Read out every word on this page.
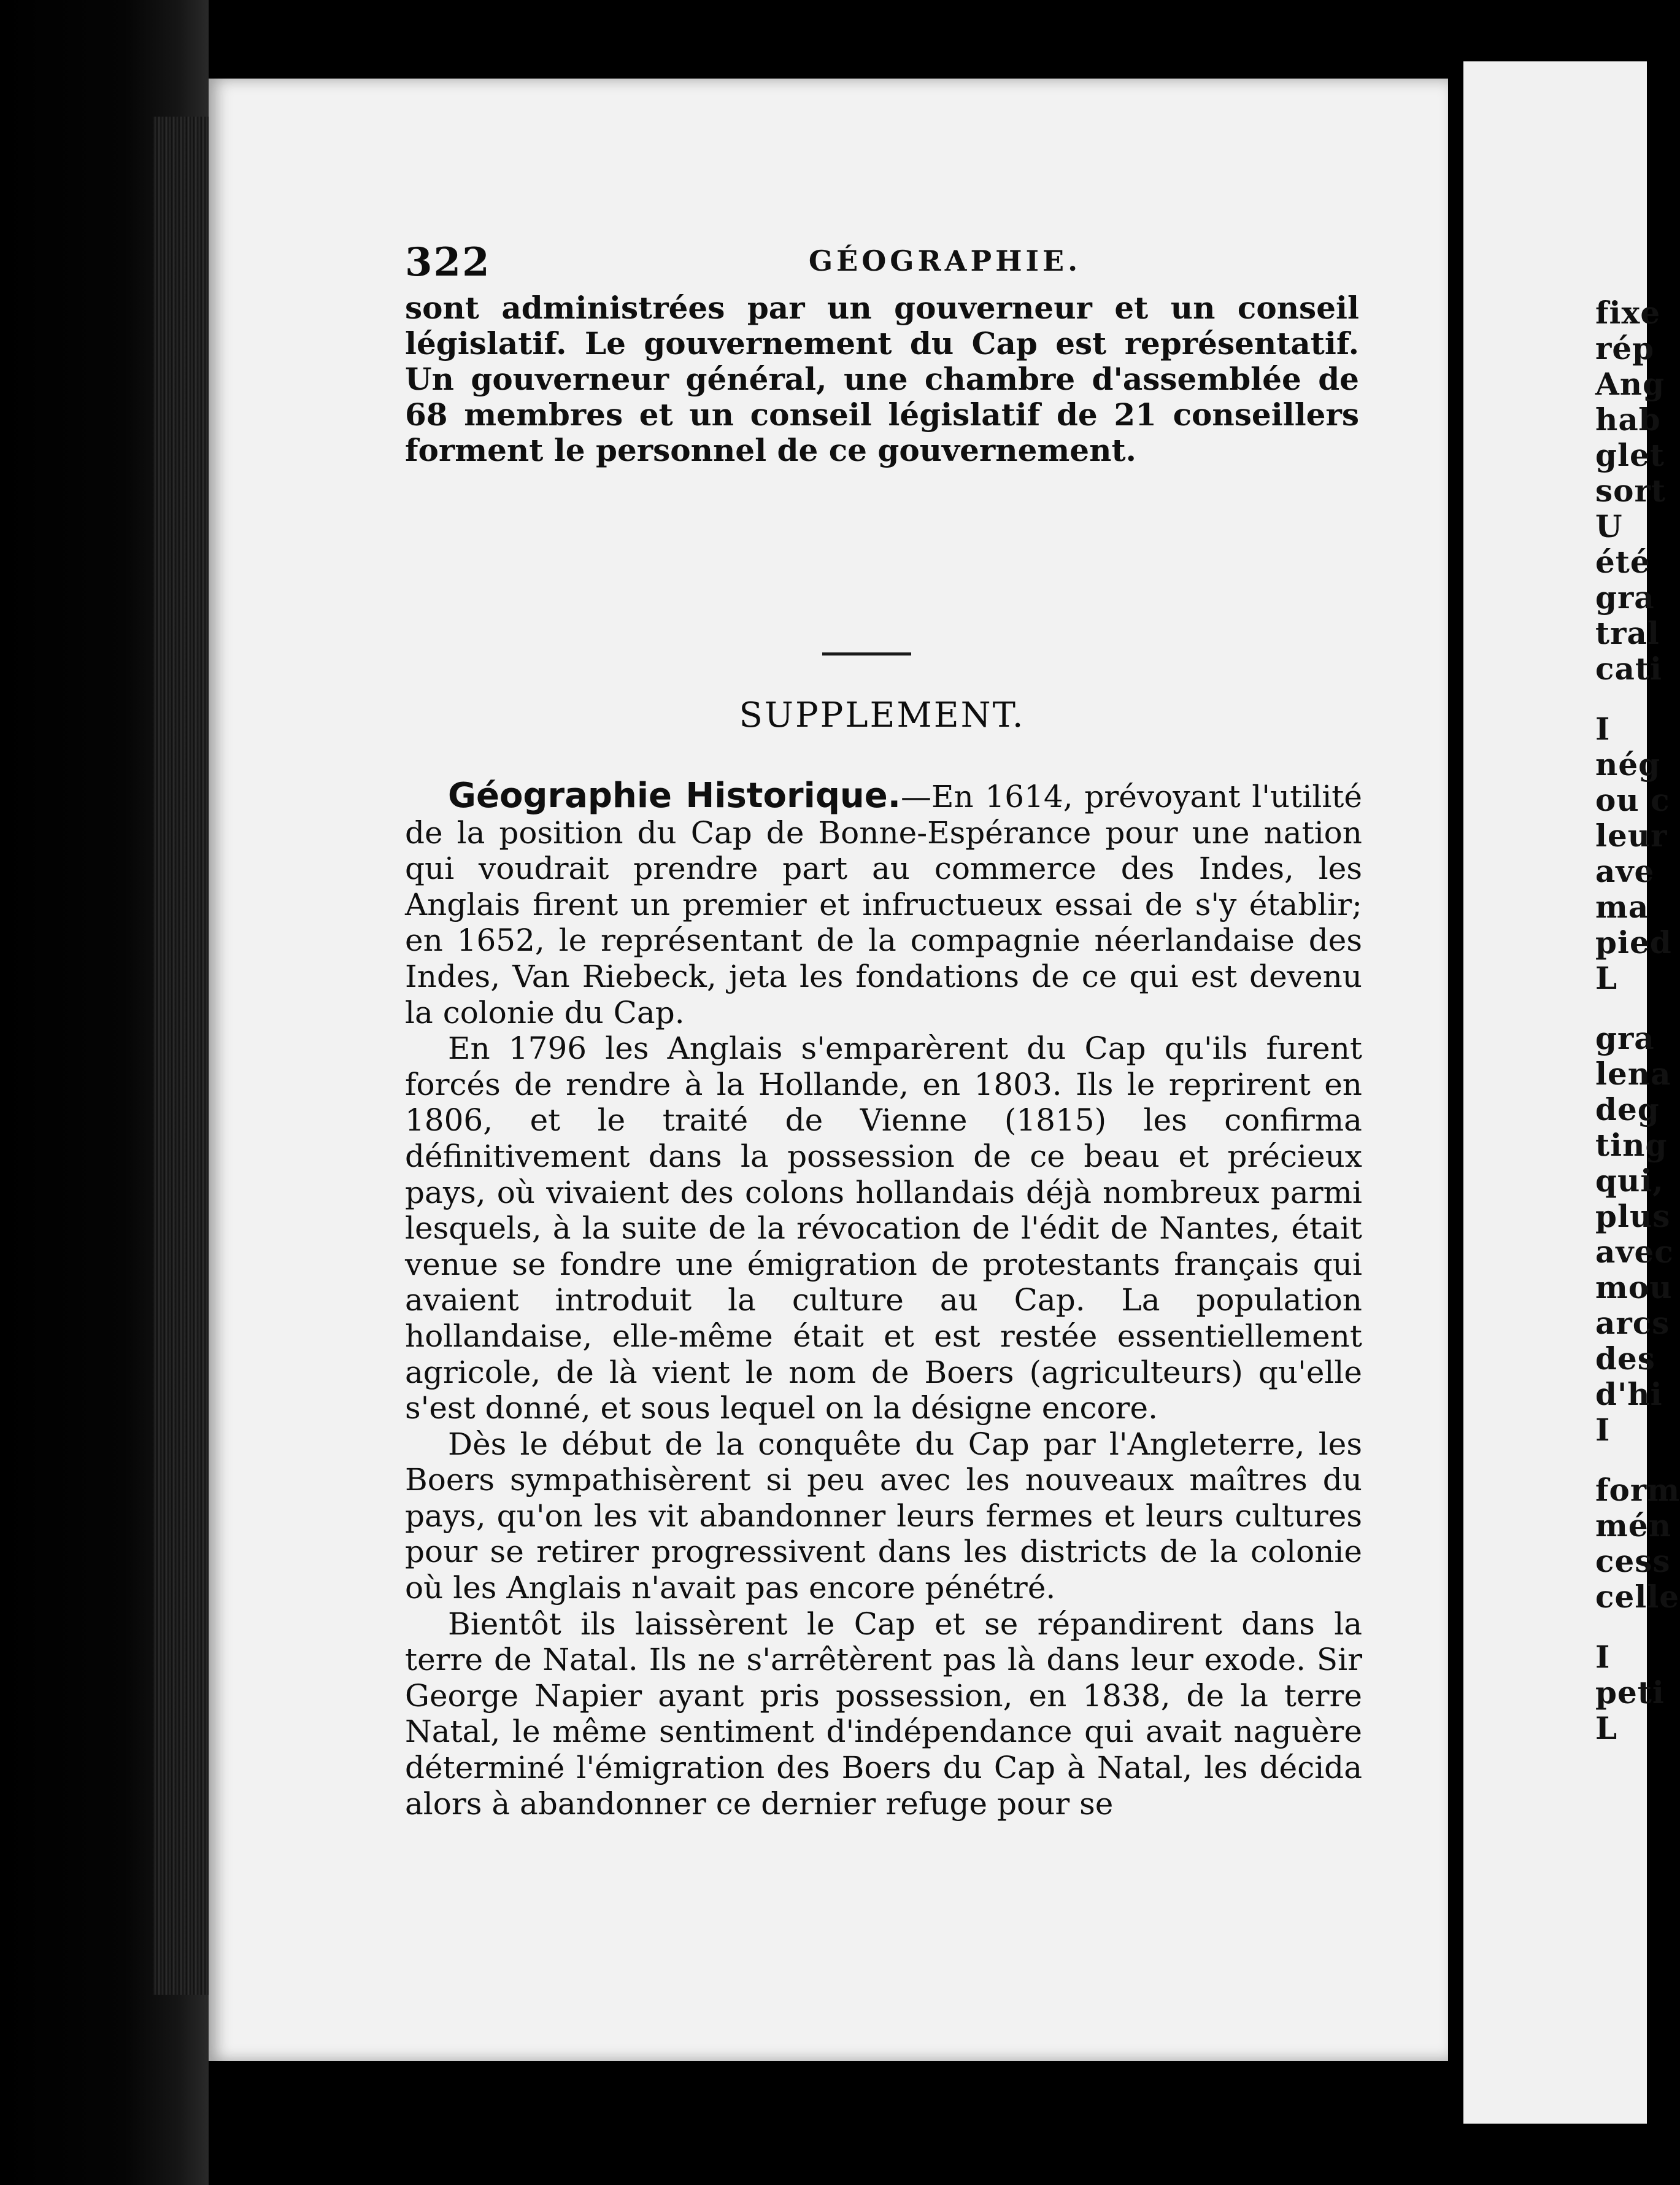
322	GÉOGRAPHIE.
sont administrées par un gouverneur et un conseil législatif. Le gouvernement du Cap est représentatif. Un gouverneur général, une chambre d'assemblée de 68 membres et un conseil législatif de 21 conseillers forment le personnel de ce gouvernement.
SUPPLEMENT.

Géographie Historique.—En 1614, prévoyant l'utilité de la position du Cap de Bonne-Espérance pour une nation qui voudrait prendre part au commerce des Indes, les Anglais firent un premier et infructueux essai de s'y établir; en 1652, le représentant de la compagnie néerlandaise des Indes, Van Riebeck, jeta les fondations de ce qui est devenu la colonie du Cap.

En 1796 les Anglais s'emparèrent du Cap qu'ils furent forcés de rendre à la Hollande, en 1803. Ils le reprirent en 1806, et le traité de Vienne (1815) les confirma définitivement dans la possession de ce beau et précieux pays, où vivaient des colons hollandais déjà nombreux parmi lesquels, à la suite de la révocation de l'édit de Nantes, était venue se fondre une émigration de protestants français qui avaient introduit la culture au Cap. La population hollandaise, elle-même était et est restée essentiellement agricole, de là vient le nom de Boers (agriculteurs) qu'elle s'est donné, et sous lequel on la désigne encore.

Dès le début de la conquête du Cap par l'Angleterre, les Boers sympathisèrent si peu avec les nouveaux maîtres du pays, qu'on les vit abandonner leurs fermes et leurs cultures pour se retirer progressivent dans les districts de la colonie où les Anglais n'avait pas encore pénétré.

Bientôt ils laissèrent le Cap et se répandirent dans la terre de Natal. Ils ne s'arrêtèrent pas là dans leur exode. Sir George Napier ayant pris possession, en 1838, de la terre Natal, le même sentiment d'indépendance qui avait naguère déterminé l'émigration des Boers du Cap à Natal, les décida alors à abandonner ce dernier refuge pour se

fixe
rép
Ang
hab
glet
sort
U
été
gra
tral
cati
I
nég
ou c
leur
ave
ma
pied
L
gra
lena
deg
ting
qui,
plus
avec
mou
arcs
des
d'hi
I
form
mén
cess
celle
I
peti
L
